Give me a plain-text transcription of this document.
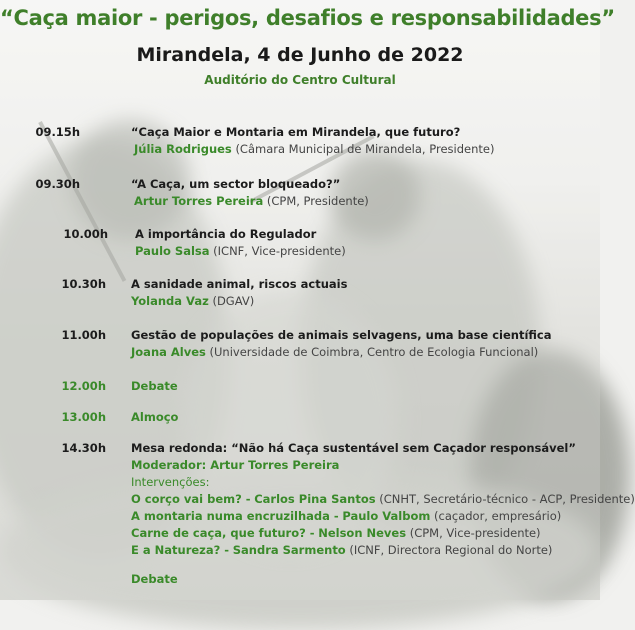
“Caça maior - perigos, desafios e responsabilidades”
Mirandela, 4 de Junho de 2022
Auditório do Centro Cultural
09.15h	“Caça Maior e Montaria em Mirandela, que futuro?
Júlia Rodrigues (Câmara Municipal de Mirandela, Presidente)
09.30h	“A Caça, um sector bloqueado?”
Artur Torres Pereira (CPM, Presidente)
10.00h A importância do Regulador
Paulo Salsa (ICNF, Vice-presidente)
10.30h A sanidade animal, riscos actuais
Yolanda Vaz (DGAV)
11.00h Gestão de populações de animais selvagens, uma base científica
Joana Alves (Universidade de Coimbra, Centro de Ecologia Funcional)
12.00h Debate
13.00h Almoço
14.30h Mesa redonda: “Não há Caça sustentável sem Caçador responsável”
Moderador: Artur Torres Pereira
Intervenções:
O corço vai bem? - Carlos Pina Santos (CNHT, Secretário-técnico - ACP, Presidente)
A montaria numa encruzilhada - Paulo Valbom (caçador, empresário)
Carne de caça, que futuro? - Nelson Neves (CPM, Vice-presidente)
E a Natureza? - Sandra Sarmento (ICNF, Directora Regional do Norte)
Debate
